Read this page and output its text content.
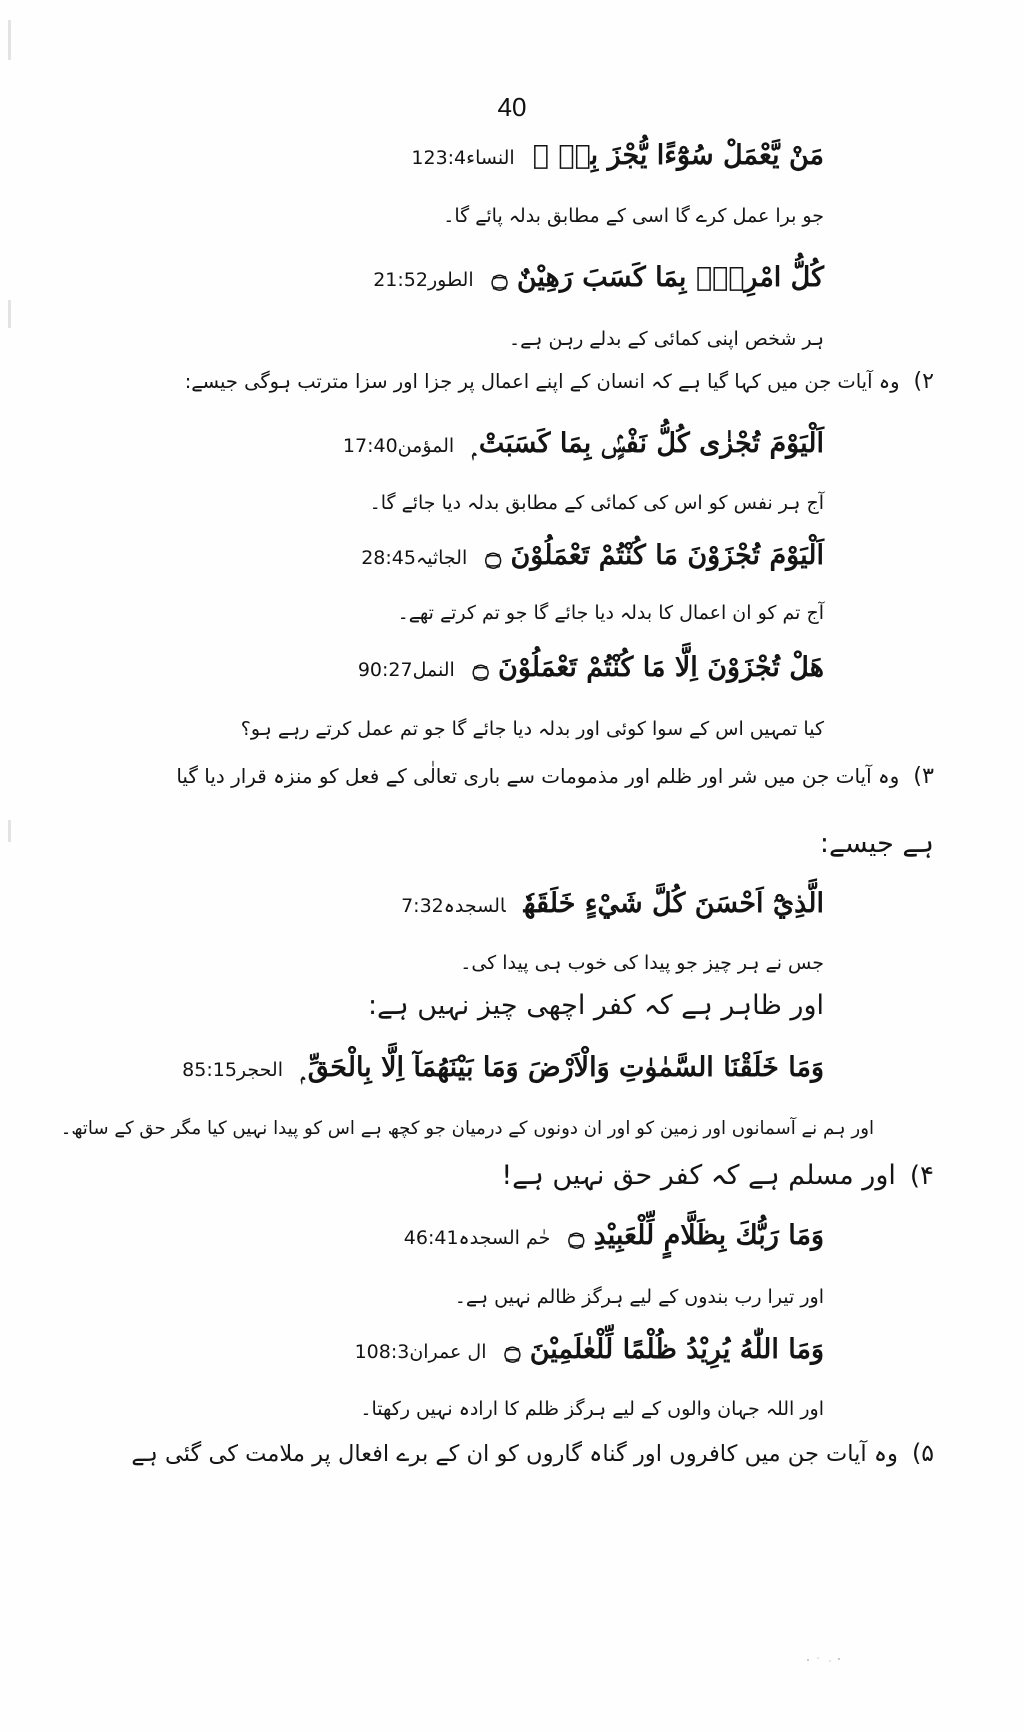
40
مَنْ يَّعْمَلْ سُوْٓءًا يُّجْزَ بِهٖ ۙالنساء123:4
جو برا عمل کرے گا اسی کے مطابق بدلہ پائے گا۔
كُلُّ امْرِئٍۢ بِمَا كَسَبَ رَهِيْنٌ ۝الطور21:52
ہر شخص اپنی کمائی کے بدلے رہن ہے۔
۲)وہ آیات جن میں کہا گیا ہے کہ انسان کے اپنے اعمال پر جزا اور سزا مترتب ہوگی جیسے:
اَلْيَوْمَ تُجْزٰى كُلُّ نَفْسٍۢ بِمَا كَسَبَتْ ۭالمؤمن17:40
آج ہر نفس کو اس کی کمائی کے مطابق بدلہ دیا جائے گا۔
اَلْيَوْمَ تُجْزَوْنَ مَا كُنْتُمْ تَعْمَلُوْنَ ۝الجاثیہ28:45
آج تم کو ان اعمال کا بدلہ دیا جائے گا جو تم کرتے تھے۔
هَلْ تُجْزَوْنَ اِلَّا مَا كُنْتُمْ تَعْمَلُوْنَ ۝النمل90:27
کیا تمہیں اس کے سوا کوئی اور بدلہ دیا جائے گا جو تم عمل کرتے رہے ہو؟
۳)وہ آیات جن میں شر اور ظلم اور مذمومات سے باری تعالٰی کے فعل کو منزہ قرار دیا گیا
ہے جیسے:
الَّذِيْٓ اَحْسَنَ كُلَّ شَيْءٍ خَلَقَهٗالسجدہ7:32
جس نے ہر چیز جو پیدا کی خوب ہی پیدا کی۔
اور ظاہر ہے کہ کفر اچھی چیز نہیں ہے:
وَمَا خَلَقْنَا السَّمٰوٰتِ وَالْاَرْضَ وَمَا بَيْنَهُمَآ اِلَّا بِالْحَقِّ ۭالحجر85:15
اور ہم نے آسمانوں اور زمین کو اور ان دونوں کے درمیان جو کچھ ہے اس کو پیدا نہیں کیا مگر حق کے ساتھ۔
۴)اور مسلم ہے کہ کفر حق نہیں ہے!
وَمَا رَبُّكَ بِظَلَّامٍ لِّلْعَبِيْدِ ۝حٰم السجدہ46:41
اور تیرا رب بندوں کے لیے ہرگز ظالم نہیں ہے۔
وَمَا اللّٰهُ يُرِيْدُ ظُلْمًا لِّلْعٰلَمِيْنَ ۝ال عمران108:3
اور اللہ جہان والوں کے لیے ہرگز ظلم کا ارادہ نہیں رکھتا۔
۵)وہ آیات جن میں کافروں اور گناہ گاروں کو ان کے برے افعال پر ملامت کی گئی ہے
